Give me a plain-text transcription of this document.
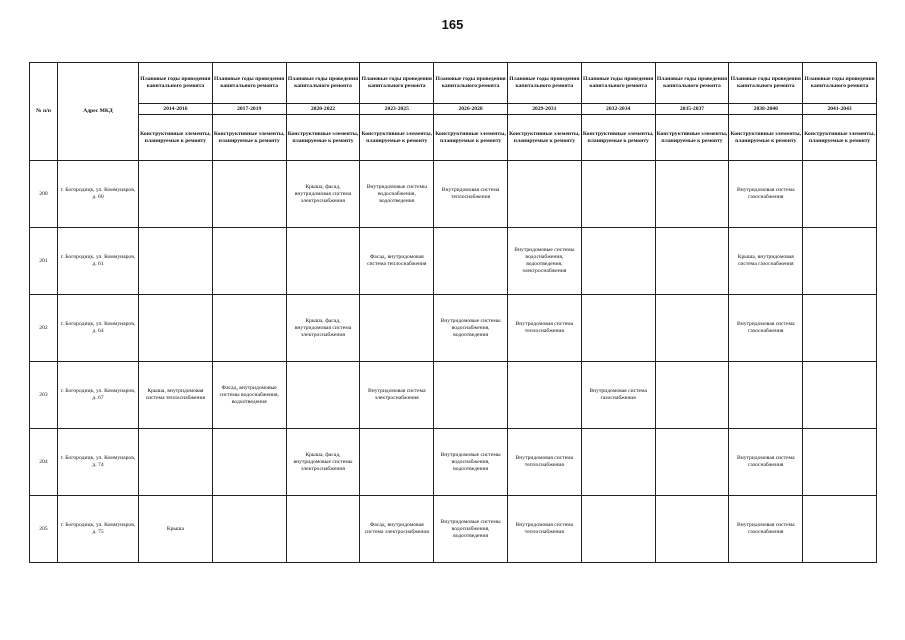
165
№ п/п	Адрес МКД	Плановые годы проведения капитального ремонта	Плановые годы проведения капитального ремонта	Плановые годы проведения капитального ремонта	Плановые годы проведения капитального ремонта	Плановые годы проведения капитального ремонта	Плановые годы проведения капитального ремонта	Плановые годы проведения капитального ремонта	Плановые годы проведения капитального ремонта	Плановые годы проведения капитального ремонта	Плановые годы проведения капитального ремонта
		2014-2016	2017-2019	2020-2022	2023-2025	2026-2028	2029-2031	2032-2034	2035-2037	2038-2040	2041-2043
		Конструктивные элементы, планируемые к ремонту	Конструктивные элементы, планируемые к ремонту	Конструктивные элементы, планируемые к ремонту	Конструктивные элементы, планируемые к ремонту	Конструктивные элементы, планируемые к ремонту	Конструктивные элементы, планируемые к ремонту	Конструктивные элементы, планируемые к ремонту	Конструктивные элементы, планируемые к ремонту	Конструктивные элементы, планируемые к ремонту	Конструктивные элементы, планируемые к ремонту
200	г. Богородицк, ул. Коммунаров, д. 60			Крыша, фасад, внутридомовая система электроснабжения	Внутридомовые системы водоснабжения, водоотведения	Внутридомовая система теплоснабжения				Внутридомовая система газоснабжения	
201	г. Богородицк, ул. Коммунаров, д. 61				Фасад, внутридомовая система теплоснабжения		Внутридомовые системы водоснабжения, водоотведения, электроснабжения			Крыша, внутридомовая система газоснабжения	
202	г. Богородицк, ул. Коммунаров, д. 64			Крыша, фасад, внутридомовая система электроснабжения		Внутридомовые системы водоснабжения, водоотведения	Внутридомовая система теплоснабжения			Внутридомовая система газоснабжения	
203	г. Богородицк, ул. Коммунаров, д. 67	Крыша, внутридомовая система теплоснабжения	Фасад, внутридомовые системы водоснабжения, водоотведения		Внутридомовая система электроснабжения			Внутридомовая система газоснабжения			
204	г. Богородицк, ул. Коммунаров, д. 74			Крыша, фасад, внутридомовые системы электроснабжения		Внутридомовые системы водоснабжения, водоотведения	Внутридомовая система теплоснабжения			Внутридомовая система газоснабжения	
205	г. Богородицк, ул. Коммунаров, д. 75	Крыша			Фасад, внутридомовая система электроснабжения	Внутридомовые системы водоснабжения, водоотведения	Внутридомовая система теплоснабжения			Внутридомовая система газоснабжения	
